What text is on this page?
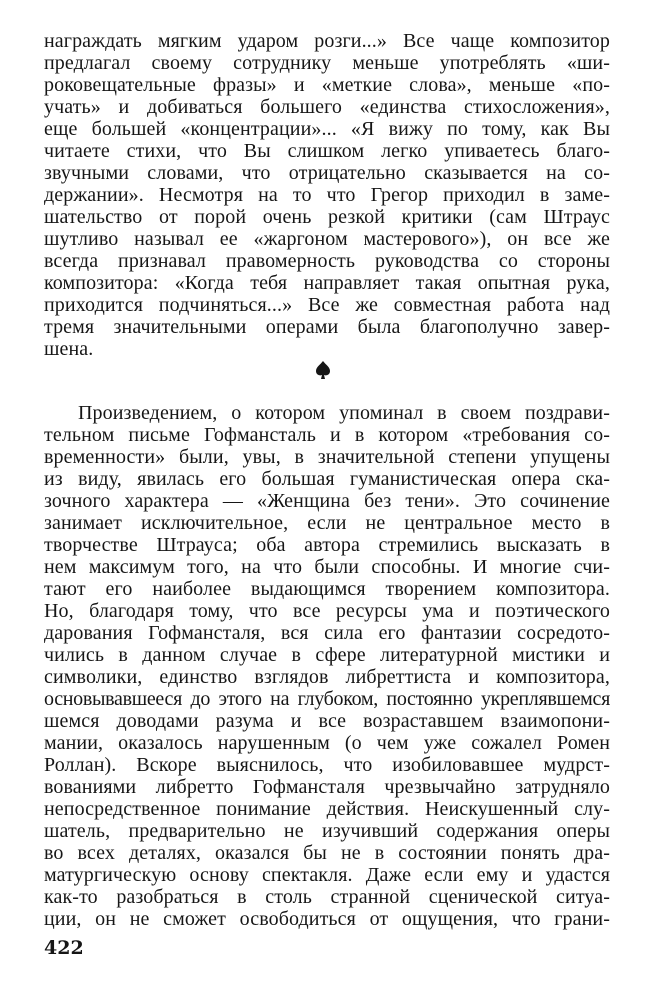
награждать мягким ударом розги...» Все чаще композитор
предлагал своему сотруднику меньше употреблять «ши-
роковещательные фразы» и «меткие слова», меньше «по-
учать» и добиваться большего «единства стихосложения»,
еще большей «концентрации»... «Я вижу по тому, как Вы
читаете стихи, что Вы слишком легко упиваетесь благо-
звучными словами, что отрицательно сказывается на со-
держании». Несмотря на то что Грегор приходил в заме-
шательство от порой очень резкой критики (сам Штраус
шутливо называл ее «жаргоном мастерового»), он все же
всегда признавал правомерность руководства со стороны
композитора: «Когда тебя направляет такая опытная рука,
приходится подчиняться...» Все же совместная работа над
тремя значительными операми была благополучно завер-
шена.
Произведением, о котором упоминал в своем поздрави-
тельном письме Гофмансталь и в котором «требования со-
временности» были, увы, в значительной степени упущены
из виду, явилась его большая гуманистическая опера ска-
зочного характера — «Женщина без тени». Это сочинение
занимает исключительное, если не центральное место в
творчестве Штрауса; оба автора стремились высказать в
нем максимум того, на что были способны. И многие счи-
тают его наиболее выдающимся творением композитора.
Но, благодаря тому, что все ресурсы ума и поэтического
дарования Гофмансталя, вся сила его фантазии сосредото-
чились в данном случае в сфере литературной мистики и
символики, единство взглядов либреттиста и композитора,
основывавшееся до этого на глубоком, постоянно укреплявшемся
шемся доводами разума и все возраставшем взаимопони-
мании, оказалось нарушенным (о чем уже сожалел Ромен
Роллан). Вскоре выяснилось, что изобиловавшее мудрст-
вованиями либретто Гофмансталя чрезвычайно затрудняло
непосредственное понимание действия. Неискушенный слу-
шатель, предварительно не изучивший содержания оперы
во всех деталях, оказался бы не в состоянии понять дра-
матургическую основу спектакля. Даже если ему и удастся
как-то разобраться в столь странной сценической ситуа-
ции, он не сможет освободиться от ощущения, что грани-
422
